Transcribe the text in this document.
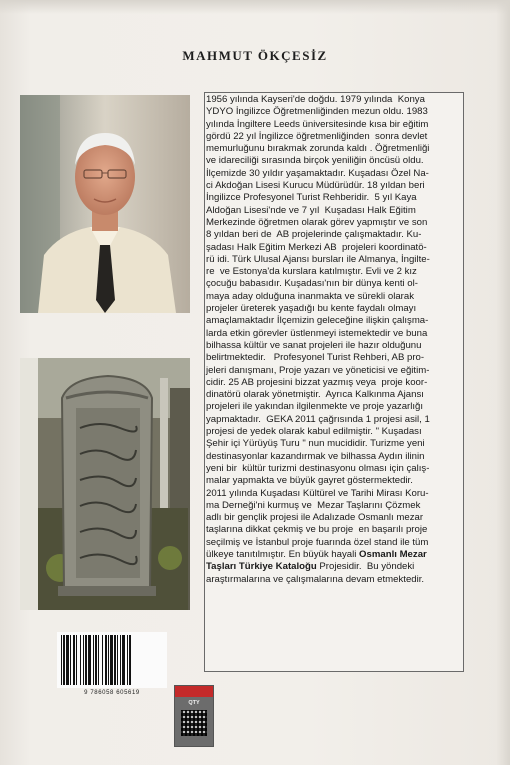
MAHMUT ÖKÇESİZ
1956 yılında Kayseri'de doğdu. 1979 yılında  Konya
YDYO İngilizce Öğretmenliğinden mezun oldu. 1983
yılında İngiltere Leeds üniversitesinde kısa bir eğitim
gördü 22 yıl İngilizce öğretmenliğinden  sonra devlet
memurluğunu bırakmak zorunda kaldı . Öğretmenliği
ve idareciliği sırasında birçok yeniliğin öncüsü oldu.
İlçemizde 30 yıldır yaşamaktadır. Kuşadası Özel Na-
ci Akdoğan Lisesi Kurucu Müdürüdür. 18 yıldan beri
İngilizce Profesyonel Turist Rehberidir.  5 yıl Kaya
Aldoğan Lisesi'nde ve 7 yıl  Kuşadası Halk Eğitim
Merkezinde öğretmen olarak görev yapmıştır ve son
8 yıldan beri de  AB projelerinde çalışmaktadır. Ku-
şadası Halk Eğitim Merkezi AB  projeleri koordinatö-
rü idi. Türk Ulusal Ajansı bursları ile Almanya, İngilte-
re  ve Estonya'da kurslara katılmıştır. Evli ve 2 kız
çocuğu babasıdır. Kuşadası'nın bir dünya kenti ol-
maya aday olduğuna inanmakta ve sürekli olarak
projeler üreterek yaşadığı bu kente faydalı olmayı
amaçlamaktadır İlçemizin geleceğine ilişkin çalışma-
larda etkin görevler üstlenmeyi istemektedir ve buna
bilhassa kültür ve sanat projeleri ile hazır olduğunu
belirtmektedir.   Profesyonel Turist Rehberi, AB pro-
jeleri danışmanı, Proje yazarı ve yöneticisi ve eğitim-
cidir. 25 AB projesini bizzat yazmış veya  proje koor-
dinatörü olarak yönetmiştir.  Ayrıca Kalkınma Ajansı
projeleri ile yakından ilgilenmekte ve proje yazarlığı
yapmaktadır.  GEKA 2011 çağrısında 1 projesi asil, 1
projesi de yedek olarak kabul edilmiştir. " Kuşadası
Şehir içi Yürüyüş Turu " nun mucididir. Turizme yeni
destinasyonlar kazandırmak ve bilhassa Aydın ilinin
yeni bir  kültür turizmi destinasyonu olması için çalış-
malar yapmakta ve büyük gayret göstermektedir.
2011 yılında Kuşadası Kültürel ve Tarihi Mirası Koru-
ma Derneği'ni kurmuş ve  Mezar Taşlarını Çözmek
adlı bir gençlik projesi ile Adalızade Osmanlı mezar
taşlarına dikkat çekmiş ve bu proje  en başarılı proje
seçilmiş ve İstanbul proje fuarında özel stand ile tüm
ülkeye tanıtılmıştır. En büyük hayali Osmanlı Mezar
Taşları Türkiye Kataloğu Projesidir.  Bu yöndeki
araştırmalarına ve çalışmalarına devam etmektedir.
9 786058 605619
QTY
